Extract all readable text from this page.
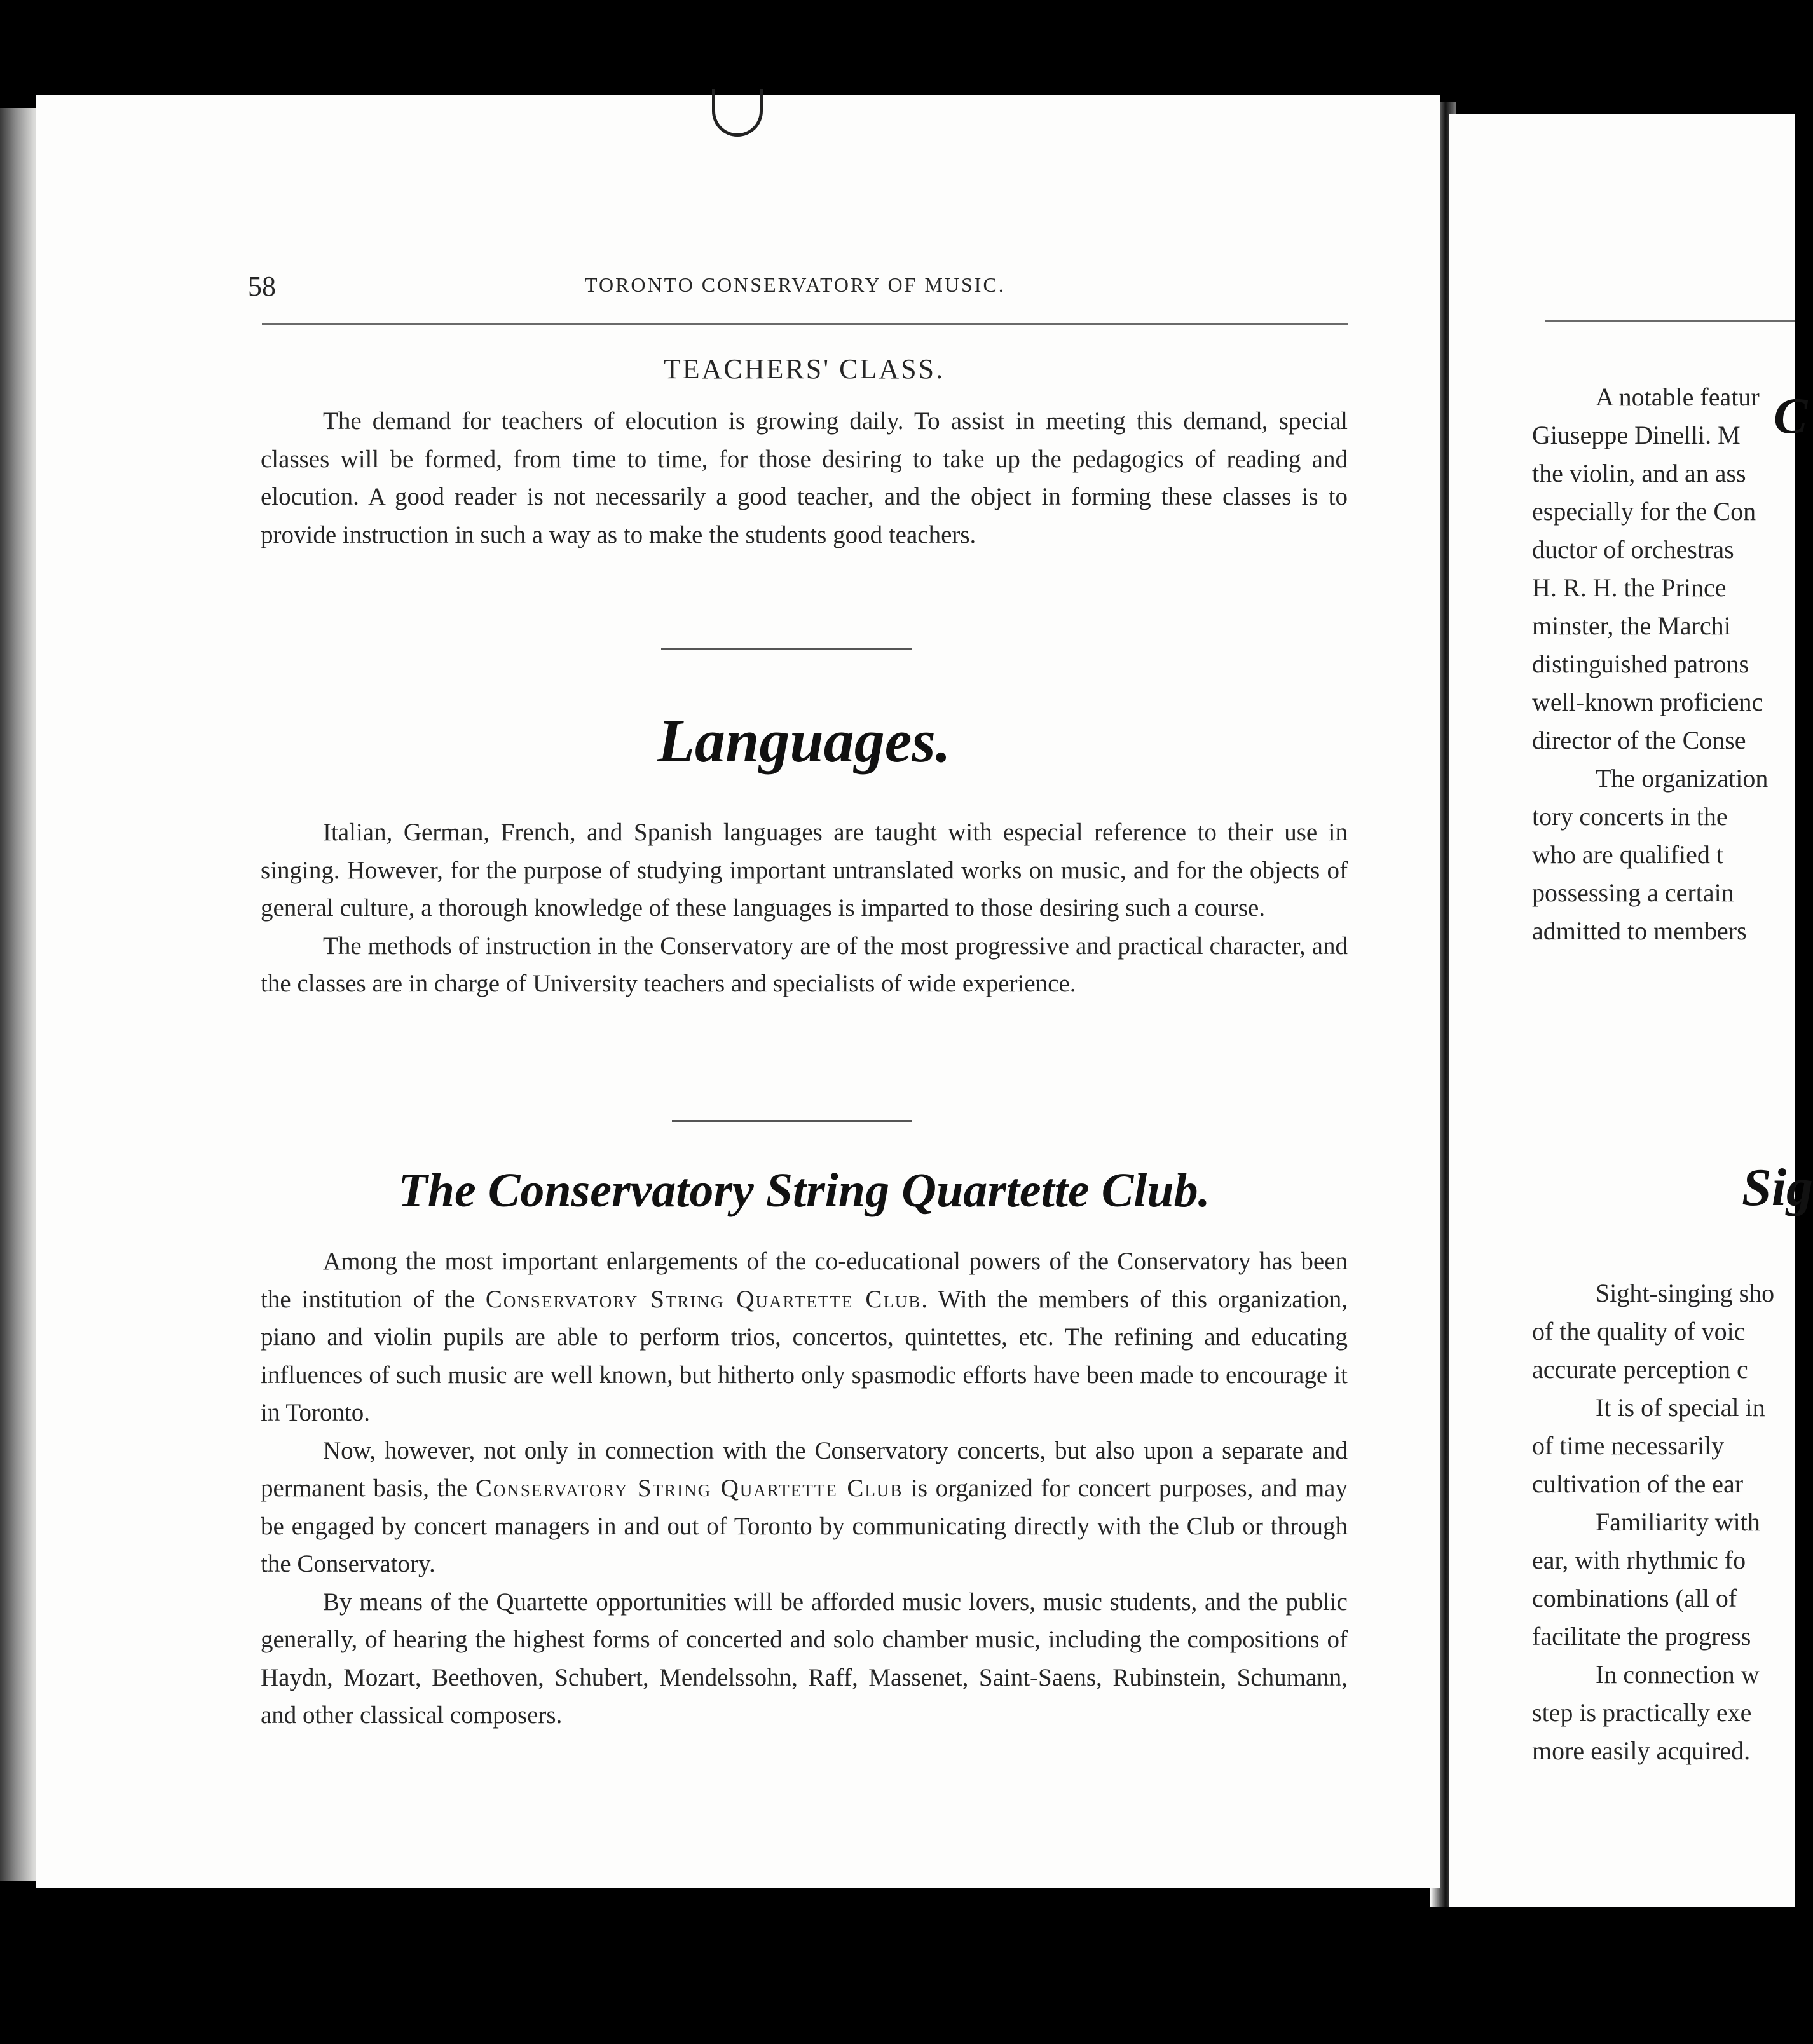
58	TORONTO CONSERVATORY OF MUSIC.
TEACHERS' CLASS.

The demand for teachers of elocution is growing daily. To assist in meeting this demand, special classes will be formed, from time to time, for those desiring to take up the pedagogics of reading and elocution. A good reader is not necessarily a good teacher, and the object in forming these classes is to provide instruction in such a way as to make the students good teachers.

Languages.

Italian, German, French, and Spanish languages are taught with especial reference to their use in singing. However, for the purpose of studying important untranslated works on music, and for the objects of general culture, a thorough knowledge of these languages is imparted to those desiring such a course.

The methods of instruction in the Conservatory are of the most progressive and practical character, and the classes are in charge of University teachers and specialists of wide experience.

The Conservatory String Quartette Club.

Among the most important enlargements of the co-educational powers of the Conservatory has been the institution of the Conservatory String Quartette Club. With the members of this organization, piano and violin pupils are able to perform trios, concertos, quintettes, etc. The refining and educating influences of such music are well known, but hitherto only spasmodic efforts have been made to encourage it in Toronto.

Now, however, not only in connection with the Conservatory concerts, but also upon a separate and permanent basis, the Conservatory String Quartette Club is organized for concert purposes, and may be engaged by concert managers in and out of Toronto by communicating directly with the Club or through the Conservatory.

By means of the Quartette opportunities will be afforded music lovers, music students, and the public generally, of hearing the highest forms of concerted and solo chamber music, including the compositions of Haydn, Mozart, Beethoven, Schubert, Mendelssohn, Raff, Massenet, Saint-Saens, Rubinstein, Schumann, and other classical composers.

C
A notable featur
Giuseppe Dinelli. M
the violin, and an ass
especially for the Con
ductor of orchestras
H. R. H. the Prince
minster, the Marchi
distinguished patrons
well-known proficienc
director of the Conse
The organization
tory concerts in the
who are qualified t
possessing a certain
admitted to members
Sig
Sight-singing sho
of the quality of voic
accurate perception c
It is of special in
of time necessarily
cultivation of the ear
Familiarity with
ear, with rhythmic fo
combinations (all of
facilitate the progress
In connection w
step is practically exe
more easily acquired.
